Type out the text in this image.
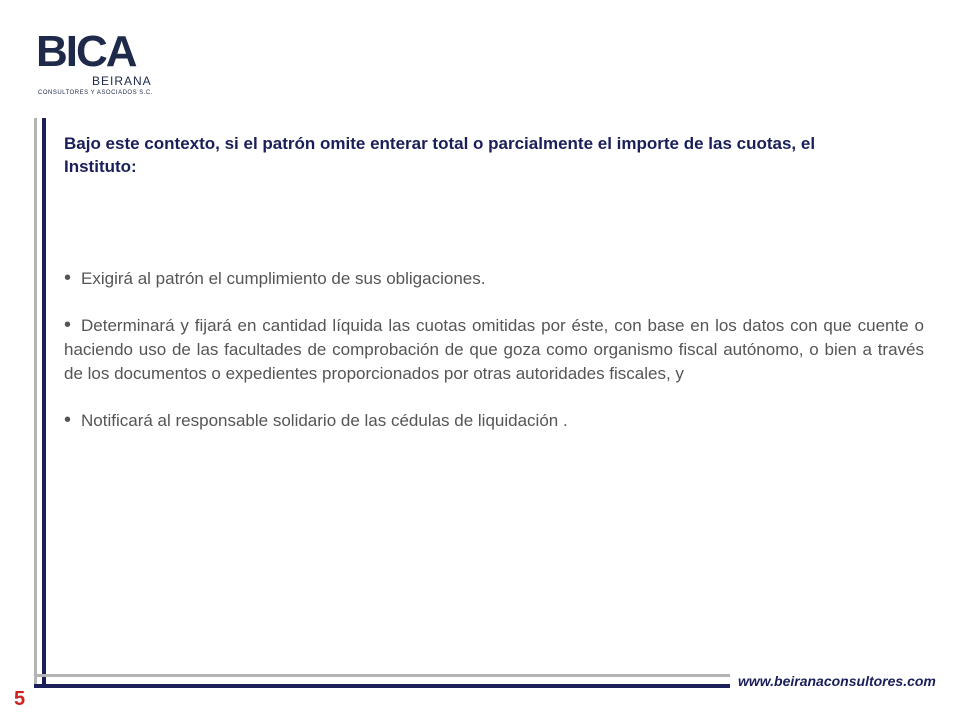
BICA
BEIRANA
CONSULTORES Y ASOCIADOS S.C.
Bajo este contexto, si el patrón omite enterar total o parcialmente el importe de las cuotas, el Instituto:

• Exigirá al patrón el cumplimiento de sus obligaciones.

• Determinará y fijará en cantidad líquida las cuotas omitidas por éste, con base en los datos con que cuente o haciendo uso de las facultades de comprobación de que goza como organismo fiscal autónomo, o bien a través de los documentos o expedientes proporcionados por otras autoridades fiscales, y

• Notificará al responsable solidario de las cédulas de liquidación .

www.beiranaconsultores.com
5
